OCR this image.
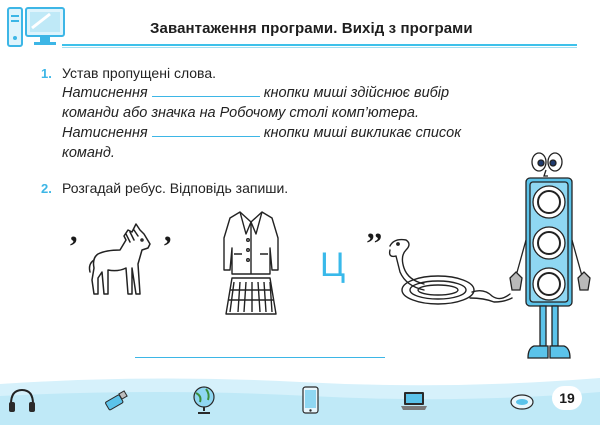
Завантаження програми. Вихід з програми
1. Устав пропущені слова.
Натиснення	кнопки миші здійснює вибір
команди або значка на Робочому столі комп’ютера.
Натиснення	кнопки миші викликає список
команд.
2. Розгадай ребус. Відповідь запиши.
,	,
Ц
,,
19
